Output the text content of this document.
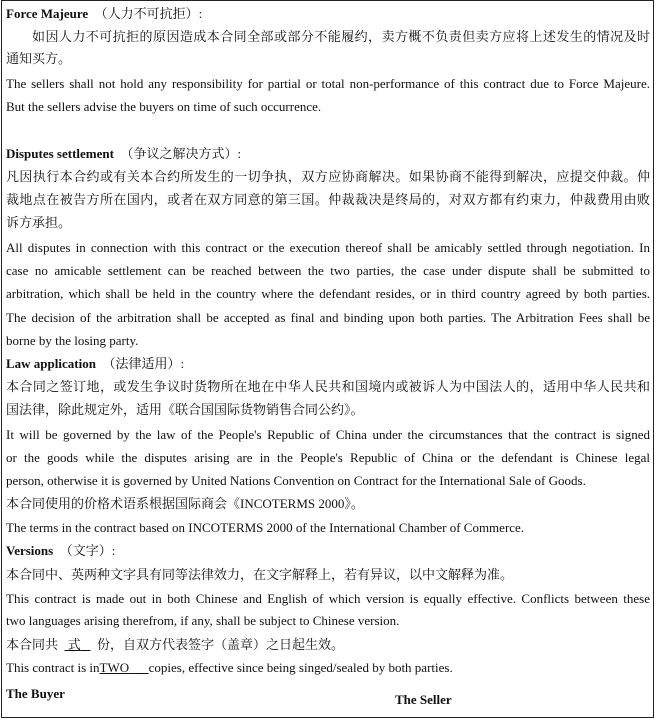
Force Majeure （人力不可抗拒）:
如因人力不可抗拒的原因造成本合同全部或部分不能履约，卖方概不负责但卖方应将上述发生的情况及时
通知买方。
The sellers shall not hold any responsibility for partial or total non-performance of this contract due to Force Majeure.
But the sellers advise the buyers on time of such occurrence.
Disputes settlement （争议之解决方式）:
凡因执行本合约或有关本合约所发生的一切争执，双方应协商解决。如果协商不能得到解决，应提交仲裁。仲
裁地点在被告方所在国内，或者在双方同意的第三国。仲裁裁决是终局的，对双方都有约束力，仲裁费用由败
诉方承担。
All disputes in connection with this contract or the execution thereof shall be amicably settled through negotiation. In
case no amicable settlement can be reached between the two parties, the case under dispute shall be submitted to
arbitration, which shall be held in the country where the defendant resides, or in third country agreed by both parties.
The decision of the arbitration shall be accepted as final and binding upon both parties. The Arbitration Fees shall be
borne by the losing party.
Law application （法律适用）:
本合同之签订地，或发生争议时货物所在地在中华人民共和国境内或被诉人为中国法人的，适用中华人民共和
国法律，除此规定外，适用《联合国国际货物销售合同公约》。
It will be governed by the law of the People's Republic of China under the circumstances that the contract is signed
or the goods while the disputes arising are in the People's Republic of China or the defendant is Chinese legal
person, otherwise it is governed by United Nations Convention on Contract for the International Sale of Goods.
本合同使用的价格术语系根据国际商会《INCOTERMS 2000》。
The terms in the contract based on INCOTERMS 2000 of the International Chamber of Commerce.
Versions （文字）:
本合同中、英两种文字具有同等法律效力，在文字解释上，若有异议，以中文解释为准。
This contract is made out in both Chinese and English of which version is equally effective. Conflicts between these
two languages arising therefrom, if any, shall be subject to Chinese version.
本合同共 式 份，自双方代表签字（盖章）之日起生效。
This contract is inTWO copies, effective since being singed/sealed by both parties.
The Buyer	The Seller
